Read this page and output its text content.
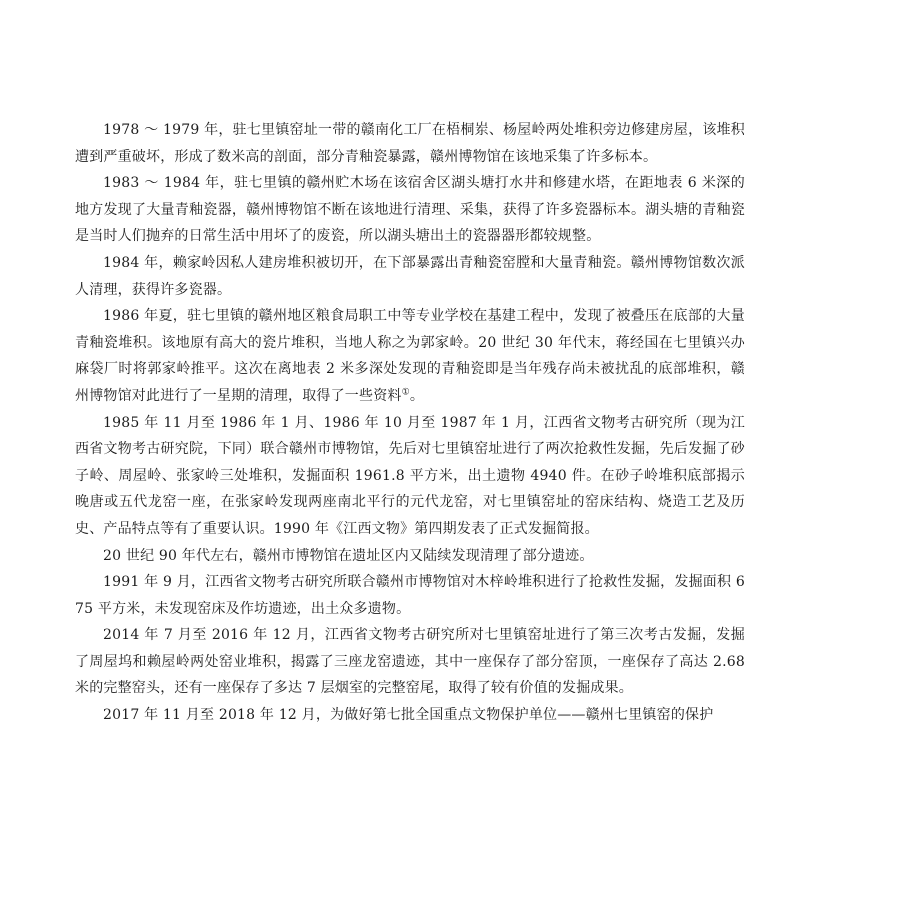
1978 ～ 1979 年，驻七里镇窑址一带的赣南化工厂在梧桐岽、杨屋岭两处堆积旁边修建房屋，该堆积遭到严重破坏，形成了数米高的剖面，部分青釉瓷暴露，赣州博物馆在该地采集了许多标本。

1983 ～ 1984 年，驻七里镇的赣州贮木场在该宿舍区湖头塘打水井和修建水塔，在距地表 6 米深的地方发现了大量青釉瓷器，赣州博物馆不断在该地进行清理、采集，获得了许多瓷器标本。湖头塘的青釉瓷是当时人们抛弃的日常生活中用坏了的废瓷，所以湖头塘出土的瓷器器形都较规整。

1984 年，赖家岭因私人建房堆积被切开，在下部暴露出青釉瓷窑膛和大量青釉瓷。赣州博物馆数次派人清理，获得许多瓷器。

1986 年夏，驻七里镇的赣州地区粮食局职工中等专业学校在基建工程中，发现了被叠压在底部的大量青釉瓷堆积。该地原有高大的瓷片堆积，当地人称之为郭家岭。20 世纪 30 年代末，蒋经国在七里镇兴办麻袋厂时将郭家岭推平。这次在离地表 2 米多深处发现的青釉瓷即是当年残存尚未被扰乱的底部堆积，赣州博物馆对此进行了一星期的清理，取得了一些资料①。

1985 年 11 月至 1986 年 1 月、1986 年 10 月至 1987 年 1 月，江西省文物考古研究所（现为江西省文物考古研究院，下同）联合赣州市博物馆，先后对七里镇窑址进行了两次抢救性发掘，先后发掘了砂子岭、周屋岭、张家岭三处堆积，发掘面积 1961.8 平方米，出土遗物 4940 件。在砂子岭堆积底部揭示晚唐或五代龙窑一座，在张家岭发现两座南北平行的元代龙窑，对七里镇窑址的窑床结构、烧造工艺及历史、产品特点等有了重要认识。1990 年《江西文物》第四期发表了正式发掘简报。

20 世纪 90 年代左右，赣州市博物馆在遗址区内又陆续发现清理了部分遗迹。

1991 年 9 月，江西省文物考古研究所联合赣州市博物馆对木梓岭堆积进行了抢救性发掘，发掘面积 675 平方米，未发现窑床及作坊遗迹，出土众多遗物。

2014 年 7 月至 2016 年 12 月，江西省文物考古研究所对七里镇窑址进行了第三次考古发掘，发掘了周屋坞和赖屋岭两处窑业堆积，揭露了三座龙窑遗迹，其中一座保存了部分窑顶，一座保存了高达 2.68 米的完整窑头，还有一座保存了多达 7 层烟室的完整窑尾，取得了较有价值的发掘成果。

2017 年 11 月至 2018 年 12 月，为做好第七批全国重点文物保护单位——赣州七里镇窑的保护
